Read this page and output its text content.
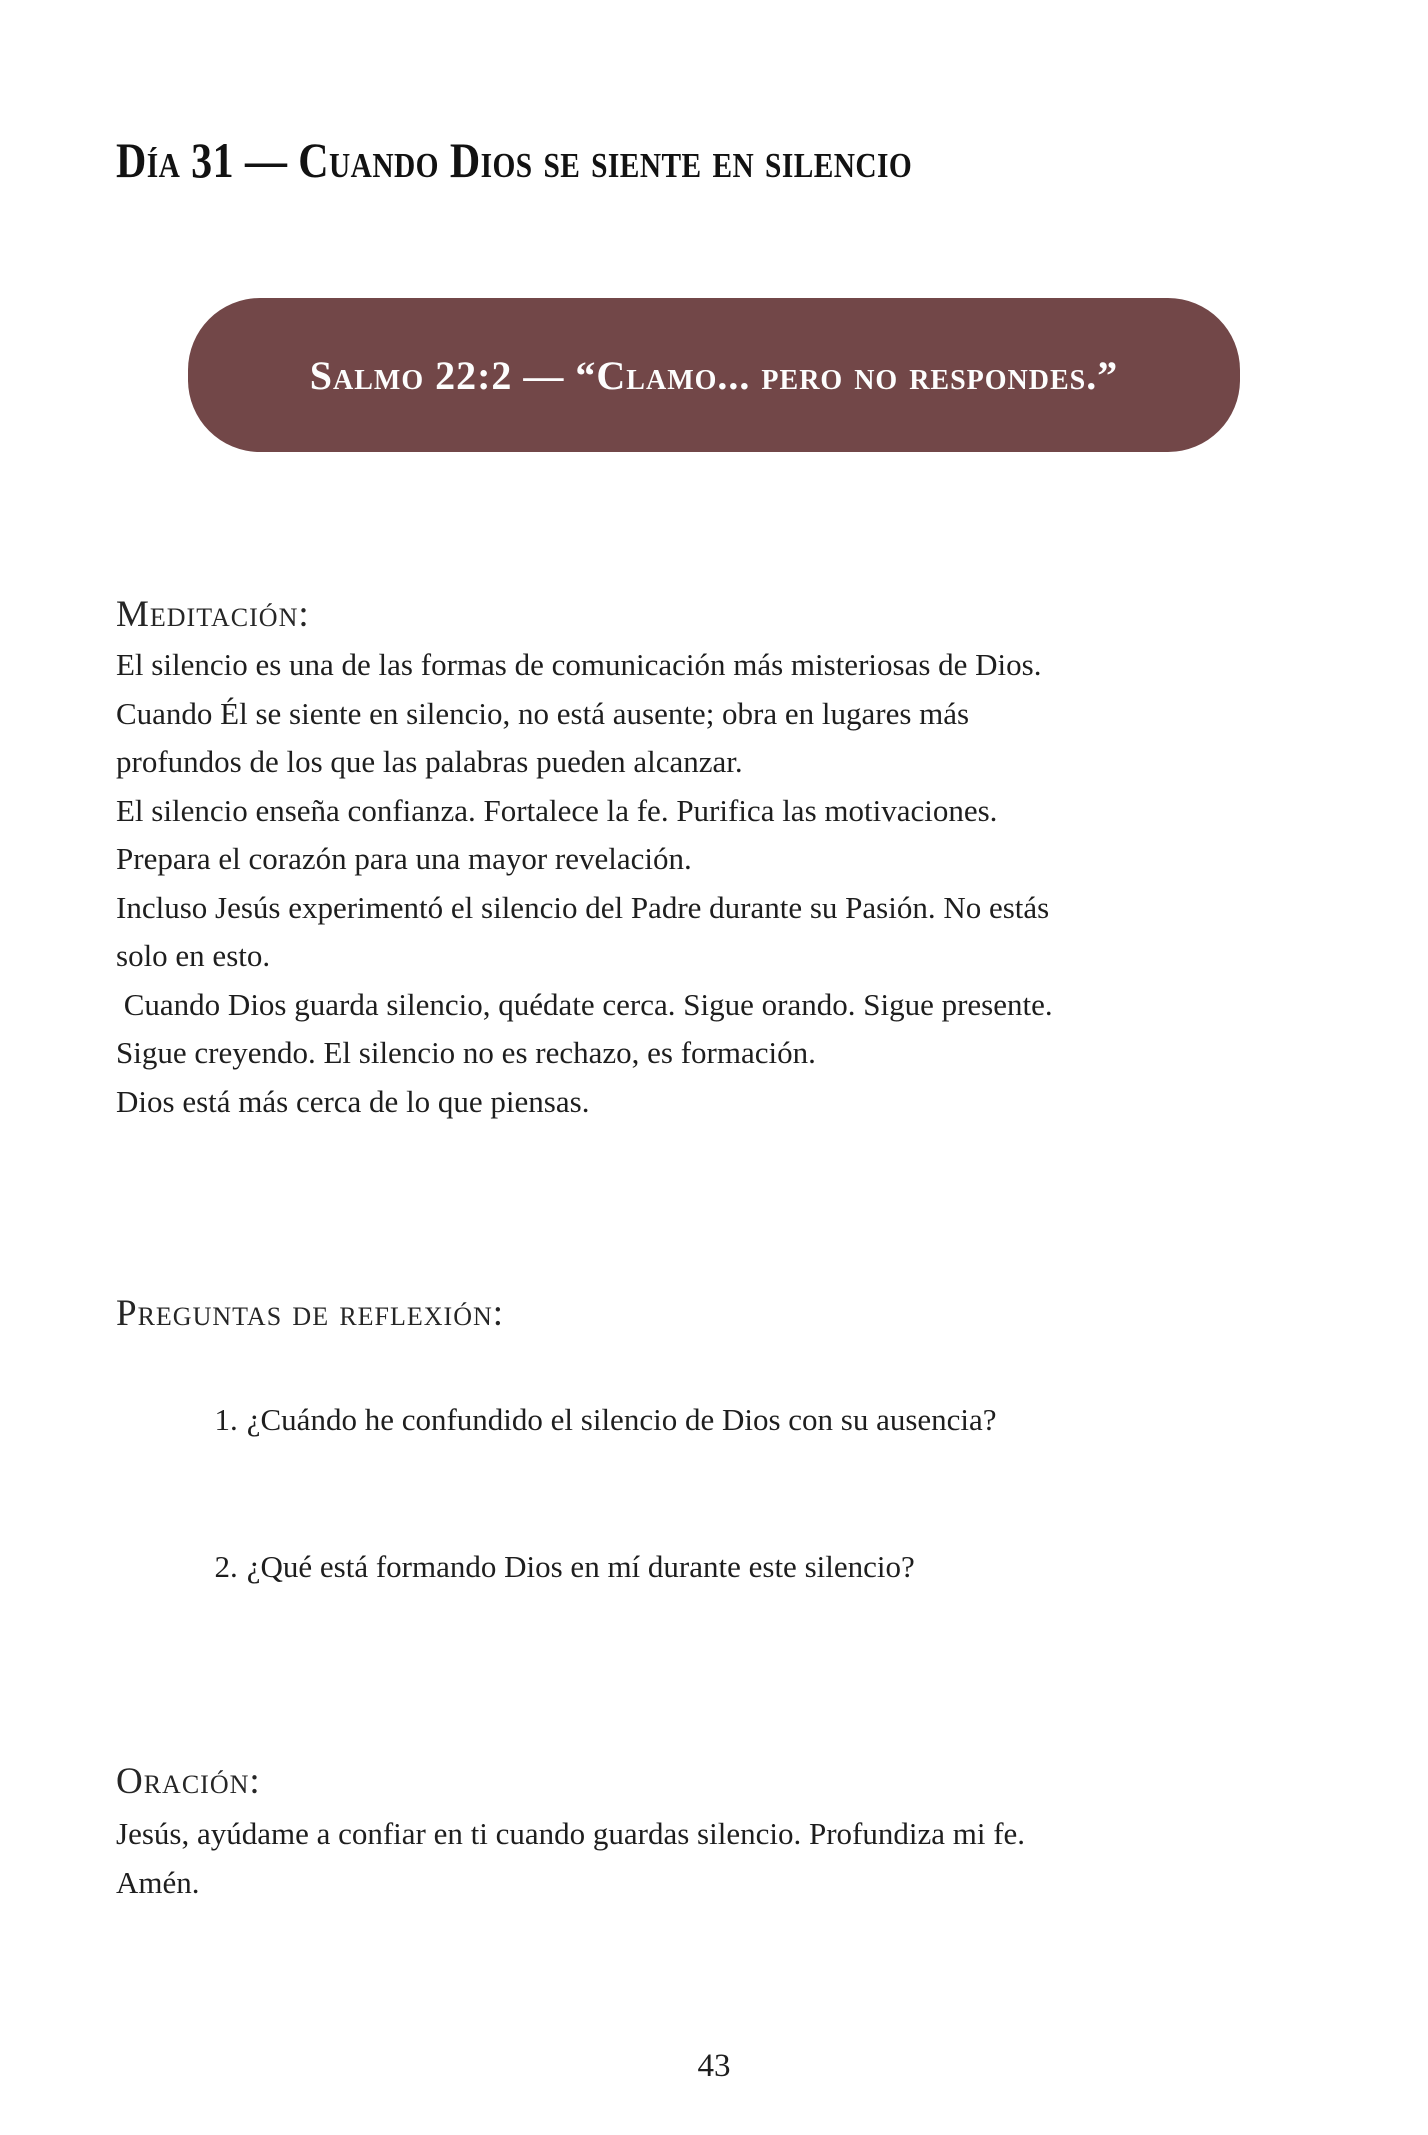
Día 31 — Cuando Dios se siente en silencio
Salmo 22:2 — “Clamo... pero no respondes.”
Meditación:
El silencio es una de las formas de comunicación más misteriosas de Dios.
Cuando Él se siente en silencio, no está ausente; obra en lugares más
profundos de los que las palabras pueden alcanzar.
El silencio enseña confianza. Fortalece la fe. Purifica las motivaciones.
Prepara el corazón para una mayor revelación.
Incluso Jesús experimentó el silencio del Padre durante su Pasión. No estás
solo en esto.
Cuando Dios guarda silencio, quédate cerca. Sigue orando. Sigue presente.
Sigue creyendo. El silencio no es rechazo, es formación.
Dios está más cerca de lo que piensas.
Preguntas de reflexión:

1. ¿Cuándo he confundido el silencio de Dios con su ausencia?

2. ¿Qué está formando Dios en mí durante este silencio?

Oración:
Jesús, ayúdame a confiar en ti cuando guardas silencio. Profundiza mi fe.
Amén.
43
